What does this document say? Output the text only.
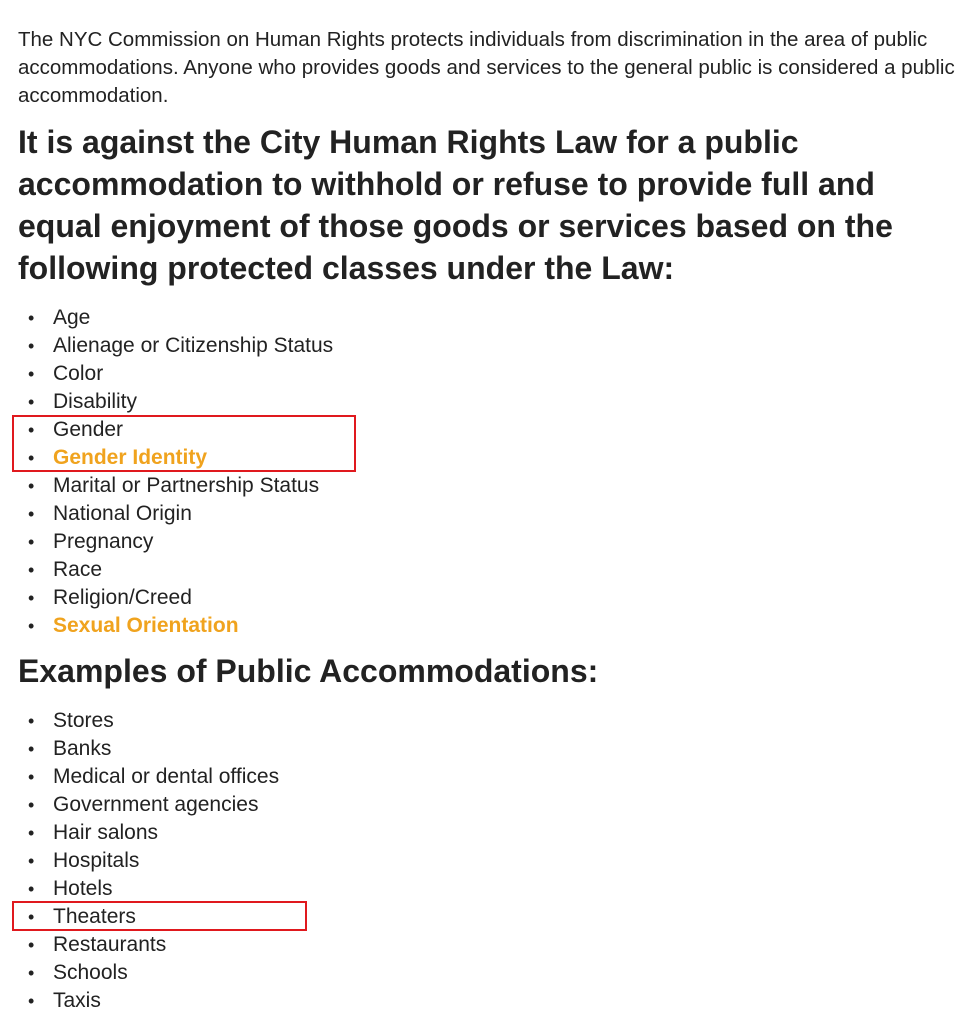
The NYC Commission on Human Rights protects individuals from discrimination in the area of public accommodations. Anyone who provides goods and services to the general public is considered a public accommodation.

It is against the City Human Rights Law for a public accommodation to withhold or refuse to provide full and equal enjoyment of those goods or services based on the following protected classes under the Law:
• Age
• Alienage or Citizenship Status
• Color
• Disability
• Gender
• Gender Identity
• Marital or Partnership Status
• National Origin
• Pregnancy
• Race
• Religion/Creed
• Sexual Orientation
Examples of Public Accommodations:
• Stores
• Banks
• Medical or dental offices
• Government agencies
• Hair salons
• Hospitals
• Hotels
• Theaters
• Restaurants
• Schools
• Taxis
